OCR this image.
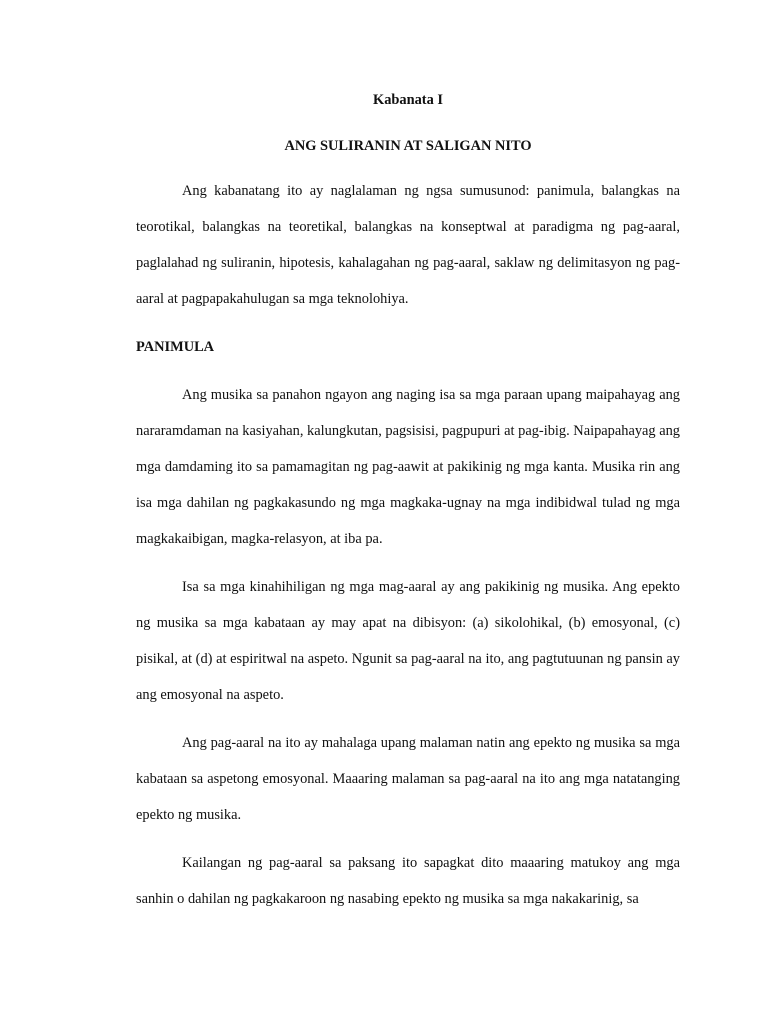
Kabanata I

ANG SULIRANIN AT SALIGAN NITO

Ang kabanatang ito ay naglalaman ng ngsa sumusunod: panimula, balangkas na teorotikal, balangkas na teoretikal, balangkas na konseptwal at paradigma ng pag-aaral, paglalahad ng suliranin, hipotesis, kahalagahan ng pag-aaral, saklaw ng delimitasyon ng pag-aaral at pagpapakahulugan sa mga teknolohiya.

PANIMULA

Ang musika sa panahon ngayon ang naging isa sa mga paraan upang maipahayag ang nararamdaman na kasiyahan, kalungkutan, pagsisisi, pagpupuri at pag-ibig. Naipapahayag ang mga damdaming ito sa pamamagitan ng pag-aawit at pakikinig ng mga kanta. Musika rin ang isa mga dahilan ng pagkakasundo ng mga magkaka-ugnay na mga indibidwal tulad ng mga magkakaibigan, magka-relasyon, at iba pa.

Isa sa mga kinahihiligan ng mga mag-aaral ay ang pakikinig ng musika. Ang epekto ng musika sa mga kabataan ay may apat na dibisyon: (a) sikolohikal, (b) emosyonal, (c) pisikal, at (d) at espiritwal na aspeto. Ngunit sa pag-aaral na ito, ang pagtutuunan ng pansin ay ang emosyonal na aspeto.

Ang pag-aaral na ito ay mahalaga upang malaman natin ang epekto ng musika sa mga kabataan sa aspetong emosyonal. Maaaring malaman sa pag-aaral na ito ang mga natatanging epekto ng musika.

Kailangan ng pag-aaral sa paksang ito sapagkat dito maaaring matukoy ang mga sanhin o dahilan ng pagkakaroon ng nasabing epekto ng musika sa mga nakakarinig, sa
